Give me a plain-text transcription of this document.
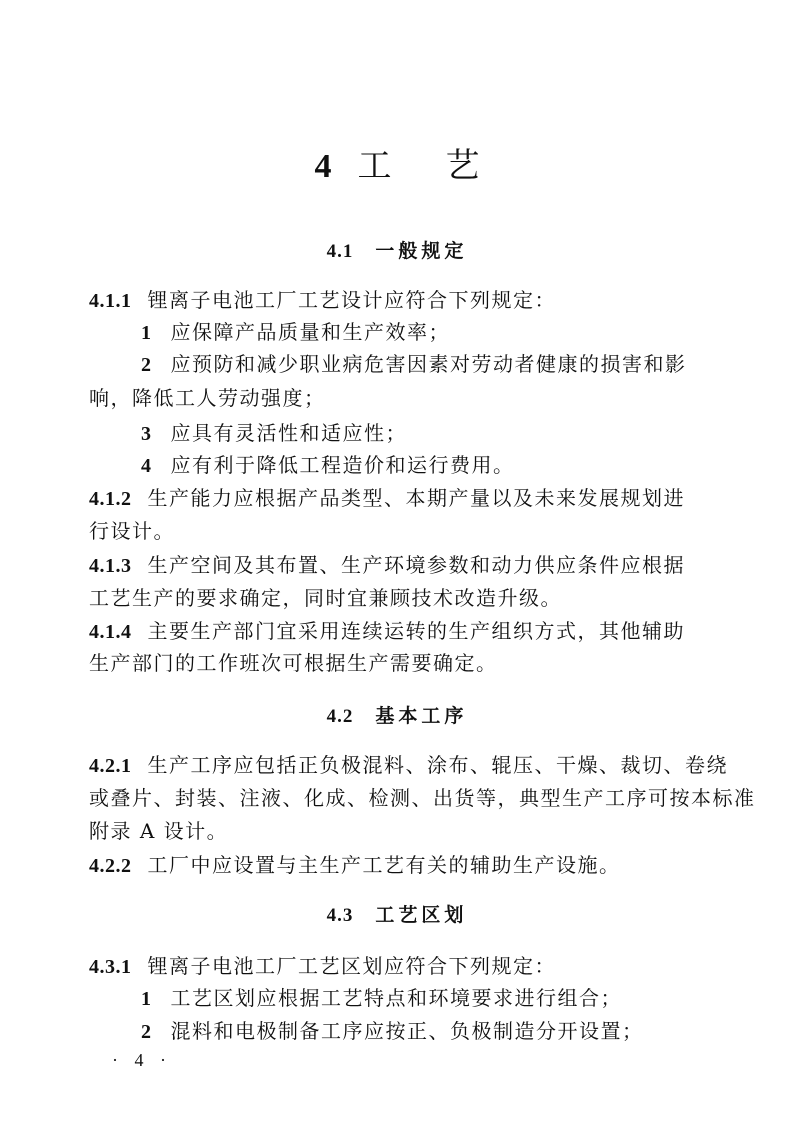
4 工 艺
4.1 一般规定
4.1.1 锂离子电池工厂工艺设计应符合下列规定：
1 应保障产品质量和生产效率；
2 应预防和减少职业病危害因素对劳动者健康的损害和影
响，降低工人劳动强度；
3 应具有灵活性和适应性；
4 应有利于降低工程造价和运行费用。
4.1.2 生产能力应根据产品类型、本期产量以及未来发展规划进
行设计。
4.1.3 生产空间及其布置、生产环境参数和动力供应条件应根据
工艺生产的要求确定，同时宜兼顾技术改造升级。
4.1.4 主要生产部门宜采用连续运转的生产组织方式，其他辅助
生产部门的工作班次可根据生产需要确定。
4.2 基本工序
4.2.1 生产工序应包括正负极混料、涂布、辊压、干燥、裁切、卷绕
或叠片、封装、注液、化成、检测、出货等，典型生产工序可按本标准
附录 A 设计。
4.2.2 工厂中应设置与主生产工艺有关的辅助生产设施。
4.3 工艺区划
4.3.1 锂离子电池工厂工艺区划应符合下列规定：
1 工艺区划应根据工艺特点和环境要求进行组合；
2 混料和电极制备工序应按正、负极制造分开设置；
· 4 ·
